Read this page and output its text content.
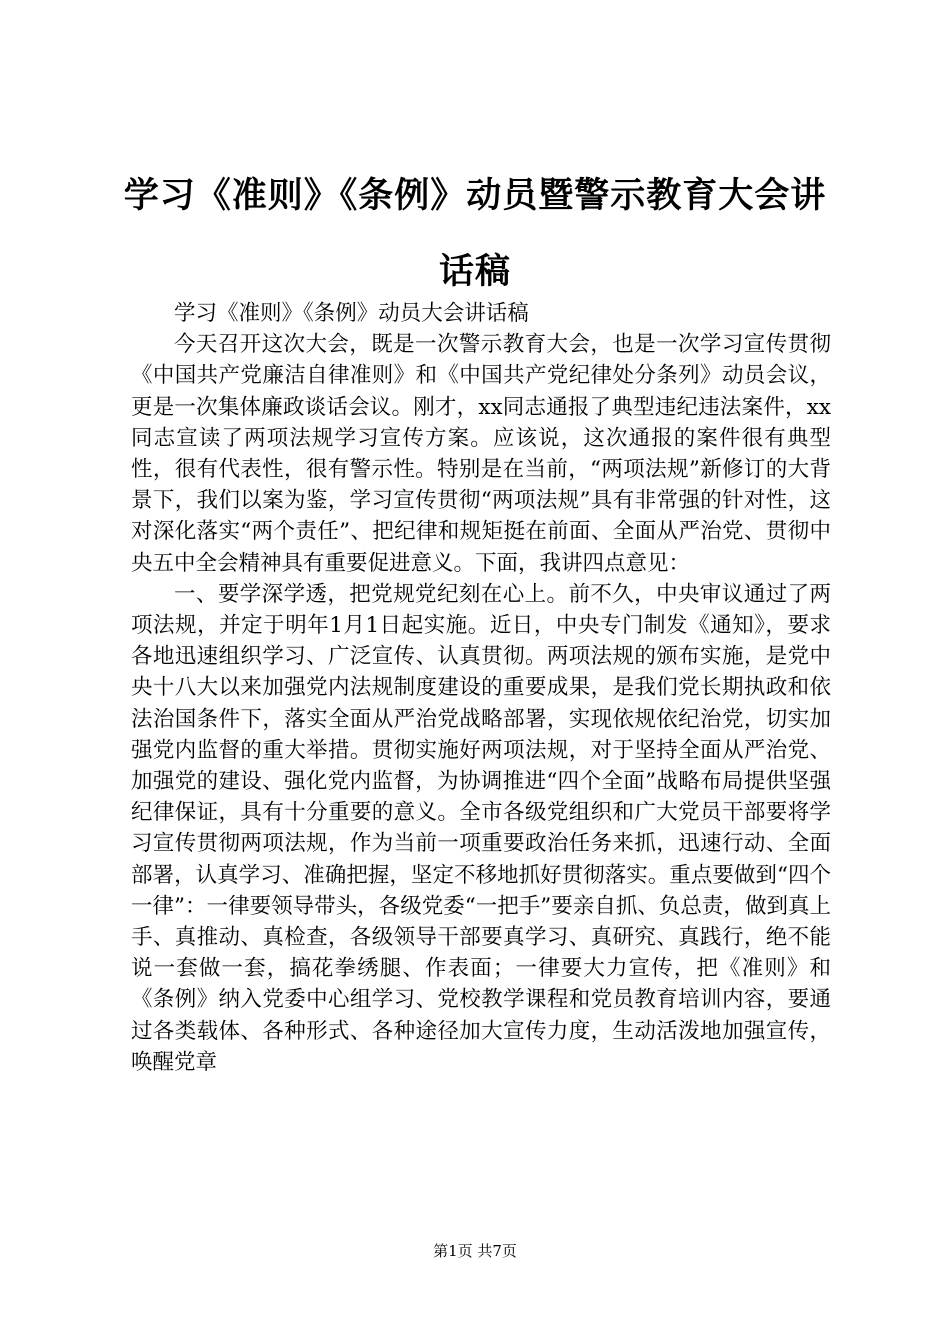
学习《准则》《条例》动员暨警示教育大会讲话稿

学习《准则》《条例》动员大会讲话稿

今天召开这次大会，既是一次警示教育大会，也是一次学习宣传贯彻《中国共产党廉洁自律准则》和《中国共产党纪律处分条列》动员会议，更是一次集体廉政谈话会议。刚才，xx同志通报了典型违纪违法案件，xx同志宣读了两项法规学习宣传方案。应该说，这次通报的案件很有典型性，很有代表性，很有警示性。特别是在当前，“两项法规”新修订的大背景下，我们以案为鉴，学习宣传贯彻“两项法规”具有非常强的针对性，这对深化落实“两个责任”、把纪律和规矩挺在前面、全面从严治党、贯彻中央五中全会精神具有重要促进意义。下面，我讲四点意见：

一、要学深学透，把党规党纪刻在心上。前不久，中央审议通过了两项法规，并定于明年1月1日起实施。近日，中央专门制发《通知》，要求各地迅速组织学习、广泛宣传、认真贯彻。两项法规的颁布实施，是党中央十八大以来加强党内法规制度建设的重要成果，是我们党长期执政和依法治国条件下，落实全面从严治党战略部署，实现依规依纪治党，切实加强党内监督的重大举措。贯彻实施好两项法规，对于坚持全面从严治党、加强党的建设、强化党内监督，为协调推进“四个全面”战略布局提供坚强纪律保证，具有十分重要的意义。全市各级党组织和广大党员干部要将学习宣传贯彻两项法规，作为当前一项重要政治任务来抓，迅速行动、全面部署，认真学习、准确把握，坚定不移地抓好贯彻落实。重点要做到“四个一律”：一律要领导带头，各级党委“一把手”要亲自抓、负总责，做到真上手、真推动、真检查，各级领导干部要真学习、真研究、真践行，绝不能说一套做一套，搞花拳绣腿、作表面；一律要大力宣传，把《准则》和《条例》纳入党委中心组学习、党校教学课程和党员教育培训内容，要通过各类载体、各种形式、各种途径加大宣传力度，生动活泼地加强宣传，唤醒党章

第1页 共7页
